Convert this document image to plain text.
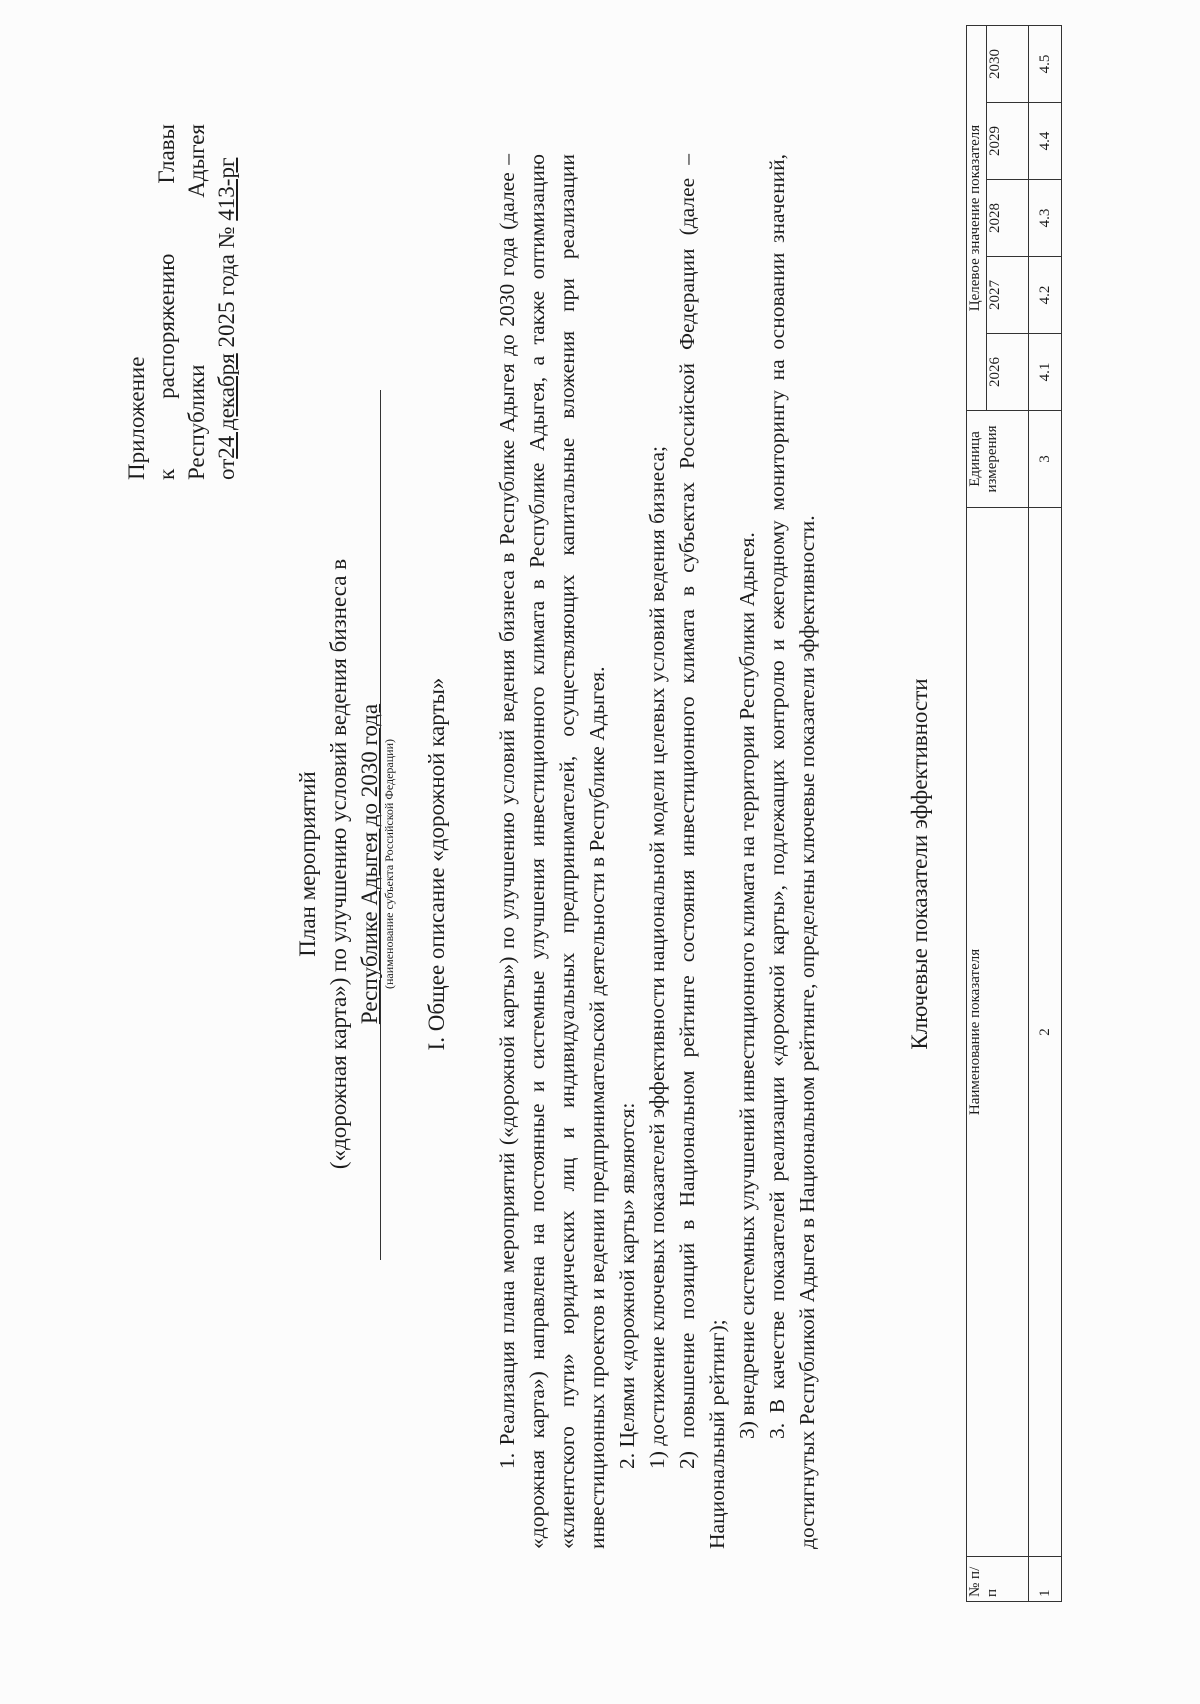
Приложение к
распоряжению
Главы
Республики
Адыгея
от24 декабря 2025 года № 413-рг
План мероприятий («дорожная карта») по улучшению условий ведения бизнеса в Республике Адыгея до 2030 года (наименование субъекта Российской Федерации) I. Общее описание «дорожной карты» 1. Реализация плана мероприятий («дорожной карты») по улучшению условий ведения бизнеса в Республике Адыгея до 2030 года (далее – «дорожная карта») направлена на постоянные и системные улучшения инвестиционного климата в Республике Адыгея, а также оптимизацию «клиентского пути» юридических лиц и индивидуальных предпринимателей, осуществляющих капитальные вложения при реализации инвестиционных проектов и ведении предпринимательской деятельности в Республике Адыгея. 2. Целями «дорожной карты» являются: 1) достижение ключевых показателей эффективности национальной модели целевых условий ведения бизнеса; 2) повышение позиций в Национальном рейтинге состояния инвестиционного климата в субъектах Российской Федерации (далее – Национальный рейтинг); 3) внедрение системных улучшений инвестиционного климата на территории Республики Адыгея. 3. В качестве показателей реализации «дорожной карты», подлежащих контролю и ежегодному мониторингу на основании значений, достигнутых Республикой Адыгея в Национальном рейтинге, определены ключевые показатели эффективности.	Ключевые показатели эффективности
№ п/п	Наименование показателя	Единица измерения	Целевое значение показателя				
			2026	2027	2028	2029	2030
1	2	3	4.1	4.2	4.3	4.4	4.5
